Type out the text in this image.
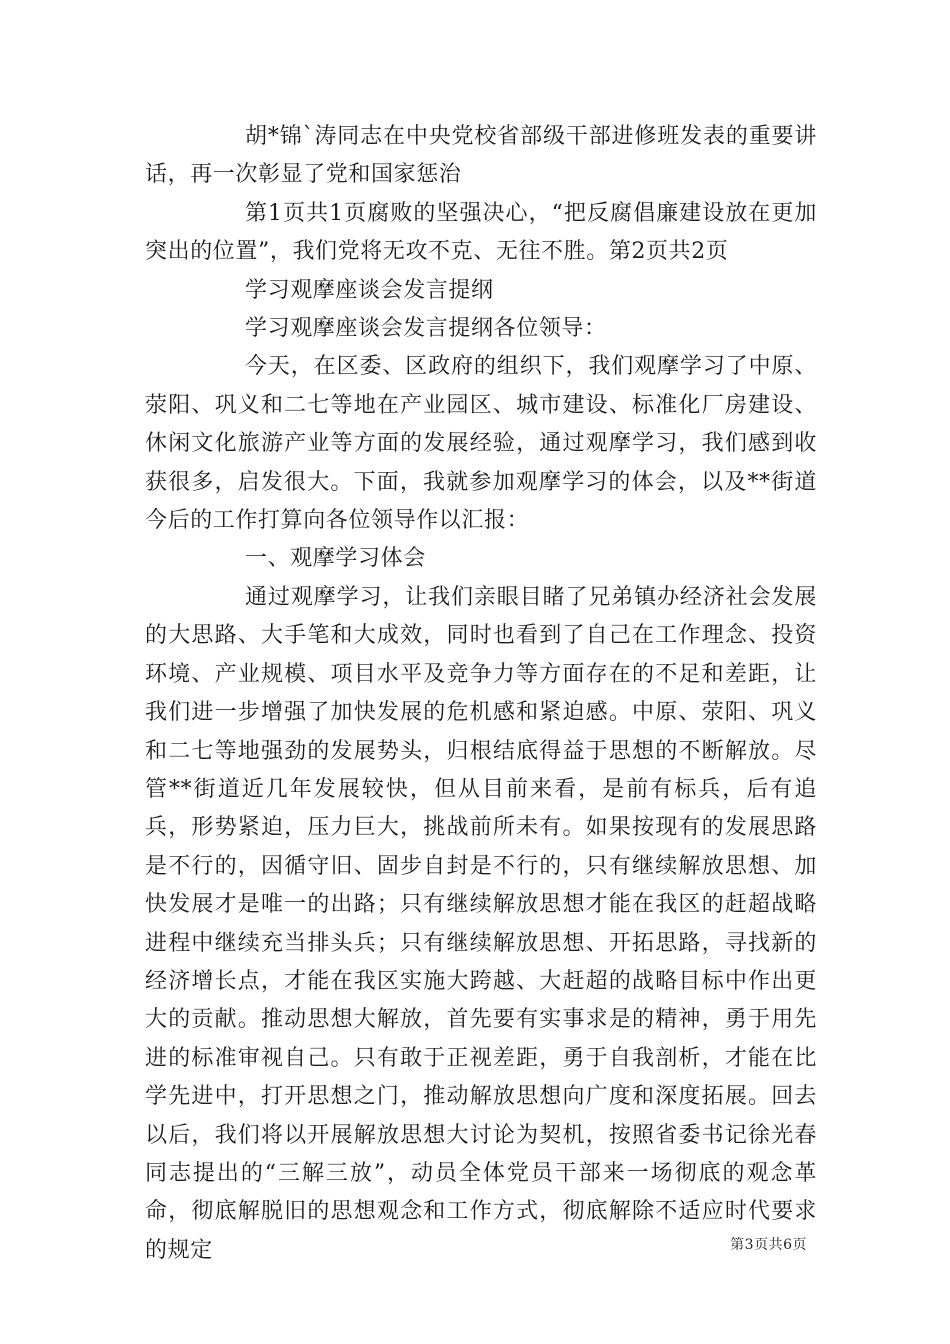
胡*锦`涛同志在中央党校省部级干部进修班发表的重要讲话，再一次彰显了党和国家惩治

第1页共1页腐败的坚强决心，“把反腐倡廉建设放在更加突出的位置”，我们党将无攻不克、无往不胜。第2页共2页

学习观摩座谈会发言提纲

学习观摩座谈会发言提纲各位领导：

今天，在区委、区政府的组织下，我们观摩学习了中原、荥阳、巩义和二七等地在产业园区、城市建设、标准化厂房建设、休闲文化旅游产业等方面的发展经验，通过观摩学习，我们感到收获很多，启发很大。下面，我就参加观摩学习的体会，以及**街道今后的工作打算向各位领导作以汇报：

一、观摩学习体会

通过观摩学习，让我们亲眼目睹了兄弟镇办经济社会发展的大思路、大手笔和大成效，同时也看到了自己在工作理念、投资环境、产业规模、项目水平及竞争力等方面存在的不足和差距，让我们进一步增强了加快发展的危机感和紧迫感。中原、荥阳、巩义和二七等地强劲的发展势头，归根结底得益于思想的不断解放。尽管**街道近几年发展较快，但从目前来看，是前有标兵，后有追兵，形势紧迫，压力巨大，挑战前所未有。如果按现有的发展思路是不行的，因循守旧、固步自封是不行的，只有继续解放思想、加快发展才是唯一的出路；只有继续解放思想才能在我区的赶超战略进程中继续充当排头兵；只有继续解放思想、开拓思路，寻找新的经济增长点，才能在我区实施大跨越、大赶超的战略目标中作出更大的贡献。推动思想大解放，首先要有实事求是的精神，勇于用先进的标准审视自己。只有敢于正视差距，勇于自我剖析，才能在比学先进中，打开思想之门，推动解放思想向广度和深度拓展。回去以后，我们将以开展解放思想大讨论为契机，按照省委书记徐光春同志提出的“三解三放”，动员全体党员干部来一场彻底的观念革命，彻底解脱旧的思想观念和工作方式，彻底解除不适应时代要求的规定	第3页共6页
